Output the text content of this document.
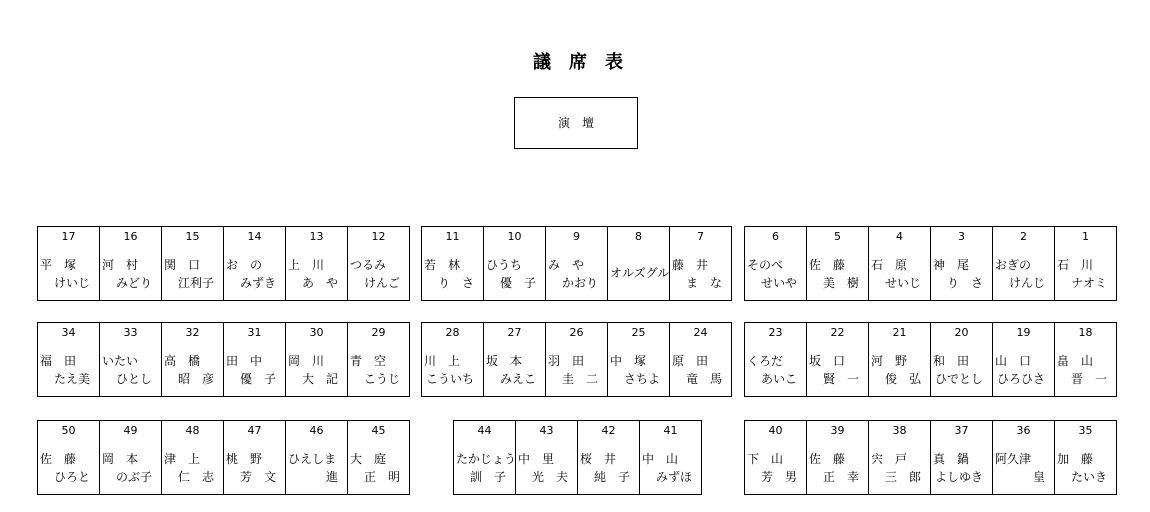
議　席　表
演　壇
17
平　塚
けいじ
16
河　村
みどり
15
関　口
江利子
14
お　の
みずき
13
上　川
あ　や
12
つるみ
けんご
11
若　林
り　さ
10
ひうち
優　子
9
み　や
かおり
8
オルズグル
7
藤　井
ま　な
6
そのべ
せいや
5
佐　藤
美　樹
4
石　原
せいじ
3
神　尾
り　さ
2
おぎの
けんじ
1
石　川
ナオミ
34
福　田
たえ美
33
いたい
ひとし
32
高　橋
昭　彦
31
田　中
優　子
30
岡　川
大　記
29
青　空
こうじ
28
川　上
こういち
27
坂　本
みえこ
26
羽　田
圭　二
25
中　塚
さちよ
24
原　田
竜　馬
23
くろだ
あいこ
22
坂　口
賢　一
21
河　野
俊　弘
20
和　田
ひでとし
19
山　口
ひろひさ
18
畠　山
晋　一
50
佐　藤
ひろと
49
岡　本
のぶ子
48
津　上
仁　志
47
桃　野
芳　文
46
ひえしま
進
45
大　庭
正　明
44
たかじょう
訓　子
43
中　里
光　夫
42
桜　井
純　子
41
中　山
みずほ
40
下　山
芳　男
39
佐　藤
正　幸
38
宍　戸
三　郎
37
真　鍋
よしゆき
36
阿久津
皇
35
加　藤
たいき
